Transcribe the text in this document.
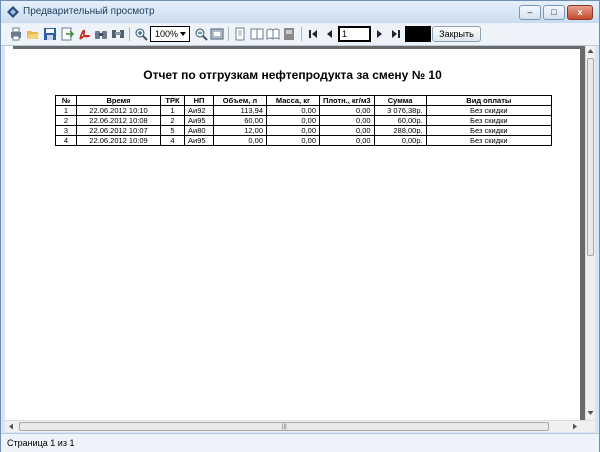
Предварительный просмотр	–	□	x
100%	1	Закрыть
Отчет по отгрузкам нефтепродукта за смену № 10
№	Время	ТРК	НП	Объем, л	Масса, кг	Плотн., кг/м3	Сумма	Вид оплаты
1	22.06.2012 10:10	1	Аи92	113,94	0,00	0,00	3 076,38р.	Без скидки
2	22.06.2012 10:08	2	Аи95	60,00	0,00	0,00	60,00р.	Без скидки
3	22.06.2012 10:07	5	Аи80	12,00	0,00	0,00	288,00р.	Без скидки
4	22.06.2012 10:09	4	Аи95	0,00	0,00	0,00	0,00р.	Без скидки
|||
Страница 1 из 1
